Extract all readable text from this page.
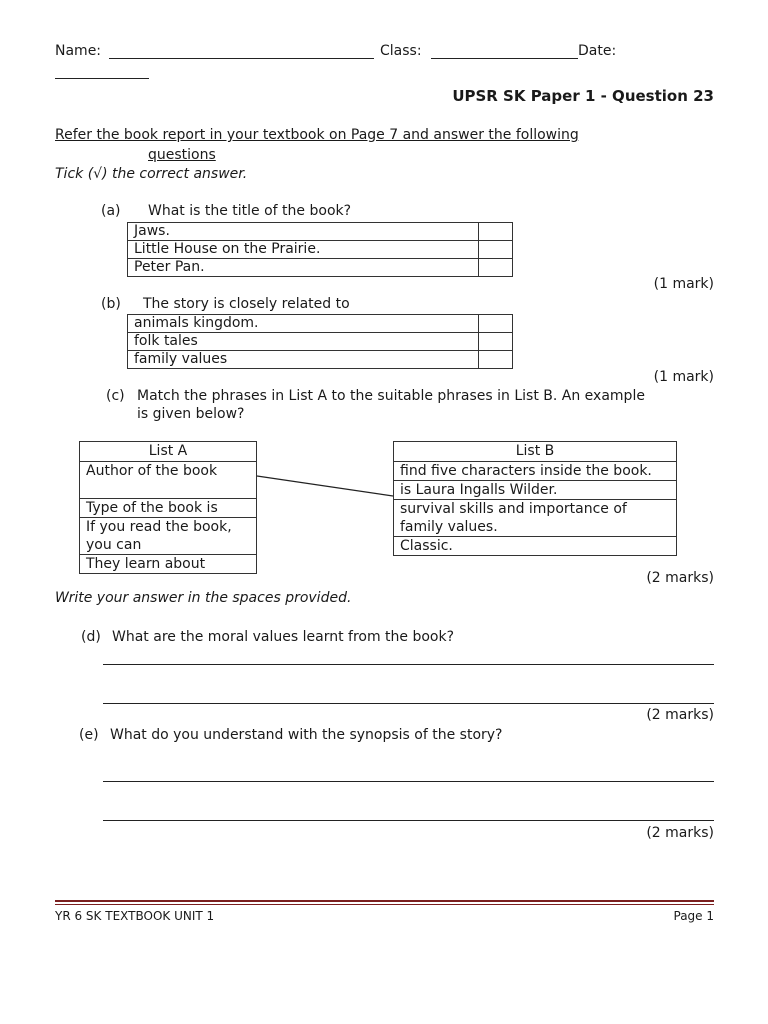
Name:	Class:	Date:
UPSR SK Paper 1 - Question 23
Refer the book report in your textbook on Page 7 and answer the following
questions
Tick (√) the correct answer.
(a) What is the title of the book?
Jaws.	
Little House on the Prairie.	
Peter Pan.	
(1 mark)
(b) The story is closely related to
animals kingdom.	
folk tales	
family values	
(1 mark)
(c) Match the phrases in List A to the suitable phrases in List B. An example
is given below?
List A
Author of the book
Type of the book is
If you read the book, you can
They learn about
List B
find five characters inside the book.
is Laura Ingalls Wilder.
survival skills and importance of family values.
Classic.
(2 marks)
Write your answer in the spaces provided.
(d) What are the moral values learnt from the book?
(2 marks)
(e) What do you understand with the synopsis of the story?
(2 marks)
YR 6 SK TEXTBOOK UNIT 1	Page 1
